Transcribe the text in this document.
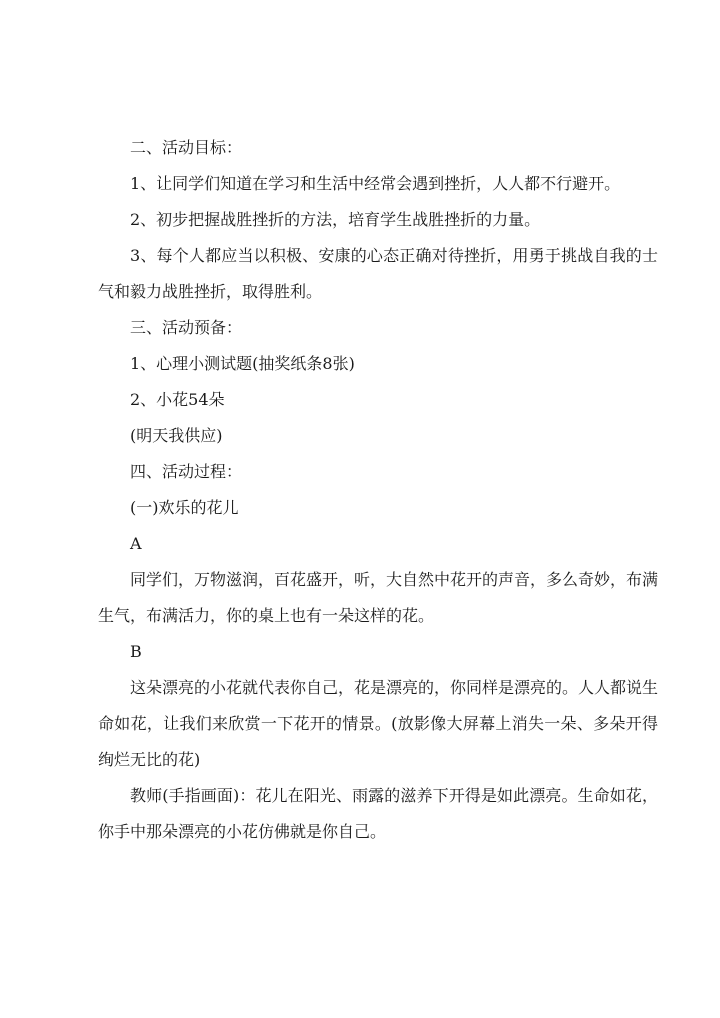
二、活动目标：

1、让同学们知道在学习和生活中经常会遇到挫折，人人都不行避开。

2、初步把握战胜挫折的方法，培育学生战胜挫折的力量。

3、每个人都应当以积极、安康的心态正确对待挫折，用勇于挑战自我的士气和毅力战胜挫折，取得胜利。

三、活动预备：

1、心理小测试题(抽奖纸条8张)

2、小花54朵

(明天我供应)

四、活动过程：

(一)欢乐的花儿

A

同学们，万物滋润，百花盛开，听，大自然中花开的声音，多么奇妙，布满生气，布满活力，你的桌上也有一朵这样的花。

B

这朵漂亮的小花就代表你自己，花是漂亮的，你同样是漂亮的。人人都说生命如花，让我们来欣赏一下花开的情景。(放影像大屏幕上消失一朵、多朵开得绚烂无比的花)

教师(手指画面)：花儿在阳光、雨露的滋养下开得是如此漂亮。生命如花，你手中那朵漂亮的小花仿佛就是你自己。
